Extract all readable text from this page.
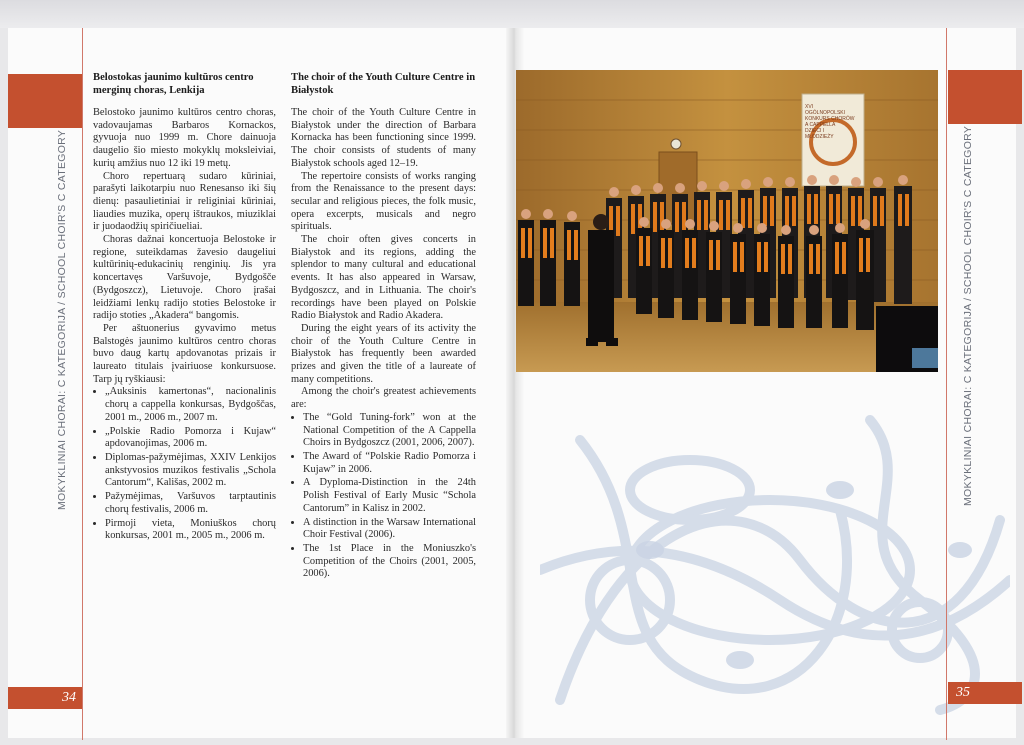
MOKYKLINIAI CHORAI: C KATEGORIJA / SCHOOL CHOIR'S C CATEGORY
34
Belostokas jaunimo kultūros centro merginų choras, Lenkija

Belostoko jaunimo kultūros centro choras, vadovaujamas Barbaros Kornackos, gyvuoja nuo 1999 m. Chore dainuoja daugelio šio miesto mokyklų moksleiviai, kurių amžius nuo 12 iki 19 metų.

Choro repertuarą sudaro kūriniai, parašyti laikotarpiu nuo Renesanso iki šių dienų: pasaulietiniai ir religiniai kūriniai, liaudies muzika, operų ištraukos, miuziklai ir juodaodžių spiričiueliai.

Choras dažnai koncertuoja Belostoke ir regione, suteikdamas žavesio daugeliui kultūrinių-edukacinių renginių. Jis yra koncertavęs Varšuvoje, Bydgošče (Bydgoszcz), Lietuvoje. Choro įrašai leidžiami lenkų radijo stoties Belostoke ir radijo stoties „Akadera“ bangomis.

Per aštuonerius gyvavimo metus Balstogės jaunimo kultūros centro choras buvo daug kartų apdovanotas prizais ir laureato titulais įvairiuose konkursuose. Tarp jų ryškiausi:

• „Auksinis kamertonas“, nacionalinis chorų a cappella konkursas, Bydgoščas, 2001 m., 2006 m., 2007 m.
• „Polskie Radio Pomorza i Kujaw“ apdovanojimas, 2006 m.
• Diplomas-pažymėjimas, XXIV Lenkijos ankstyvosios muzikos festivalis „Schola Cantorum“, Kališas, 2002 m.
• Pažymėjimas, Varšuvos tarptautinis chorų festivalis, 2006 m.
• Pirmoji vieta, Moniuškos chorų konkursas, 2001 m., 2005 m., 2006 m.
The choir of the Youth Culture Centre in Białystok

The choir of the Youth Culture Centre in Białystok under the direction of Barbara Kornacka has been functioning since 1999. The choir consists of students of many Białystok schools aged 12–19.

The repertoire consists of works ranging from the Renaissance to the present days: secular and religious pieces, the folk music, opera excerpts, musicals and negro spirituals.

The choir often gives concerts in Białystok and its regions, adding the splendor to many cultural and educational events. It has also appeared in Warsaw, Bydgoszcz, and in Lithuania. The choir's recordings have been played on Polskie Radio Białystok and Radio Akadera.

During the eight years of its activity the choir of the Youth Culture Centre in Białystok has frequently been awarded prizes and given the title of a laureate of many competitions.

Among the choir's greatest achievements are:

• The “Gold Tuning-fork” won at the National Competition of the A Cappella Choirs in Bydgoszcz (2001, 2006, 2007).
• The Award of “Polskie Radio Pomorza i Kujaw” in 2006.
• A Dyploma-Distinction in the 24th Polish Festival of Early Music “Schola Cantorum” in Kalisz in 2002.
• A distinction in the Warsaw International Choir Festival (2006).
• The 1st Place in the Moniuszko's Competition of the Choirs (2001, 2005, 2006).
XVI OGÓLNOPOLSKI KONKURS CHORÓW A CAPPELLA DZIECI I MŁODZIEŻY	MOKYKLINIAI CHORAI: C KATEGORIJA / SCHOOL CHOIR'S C CATEGORY
35
